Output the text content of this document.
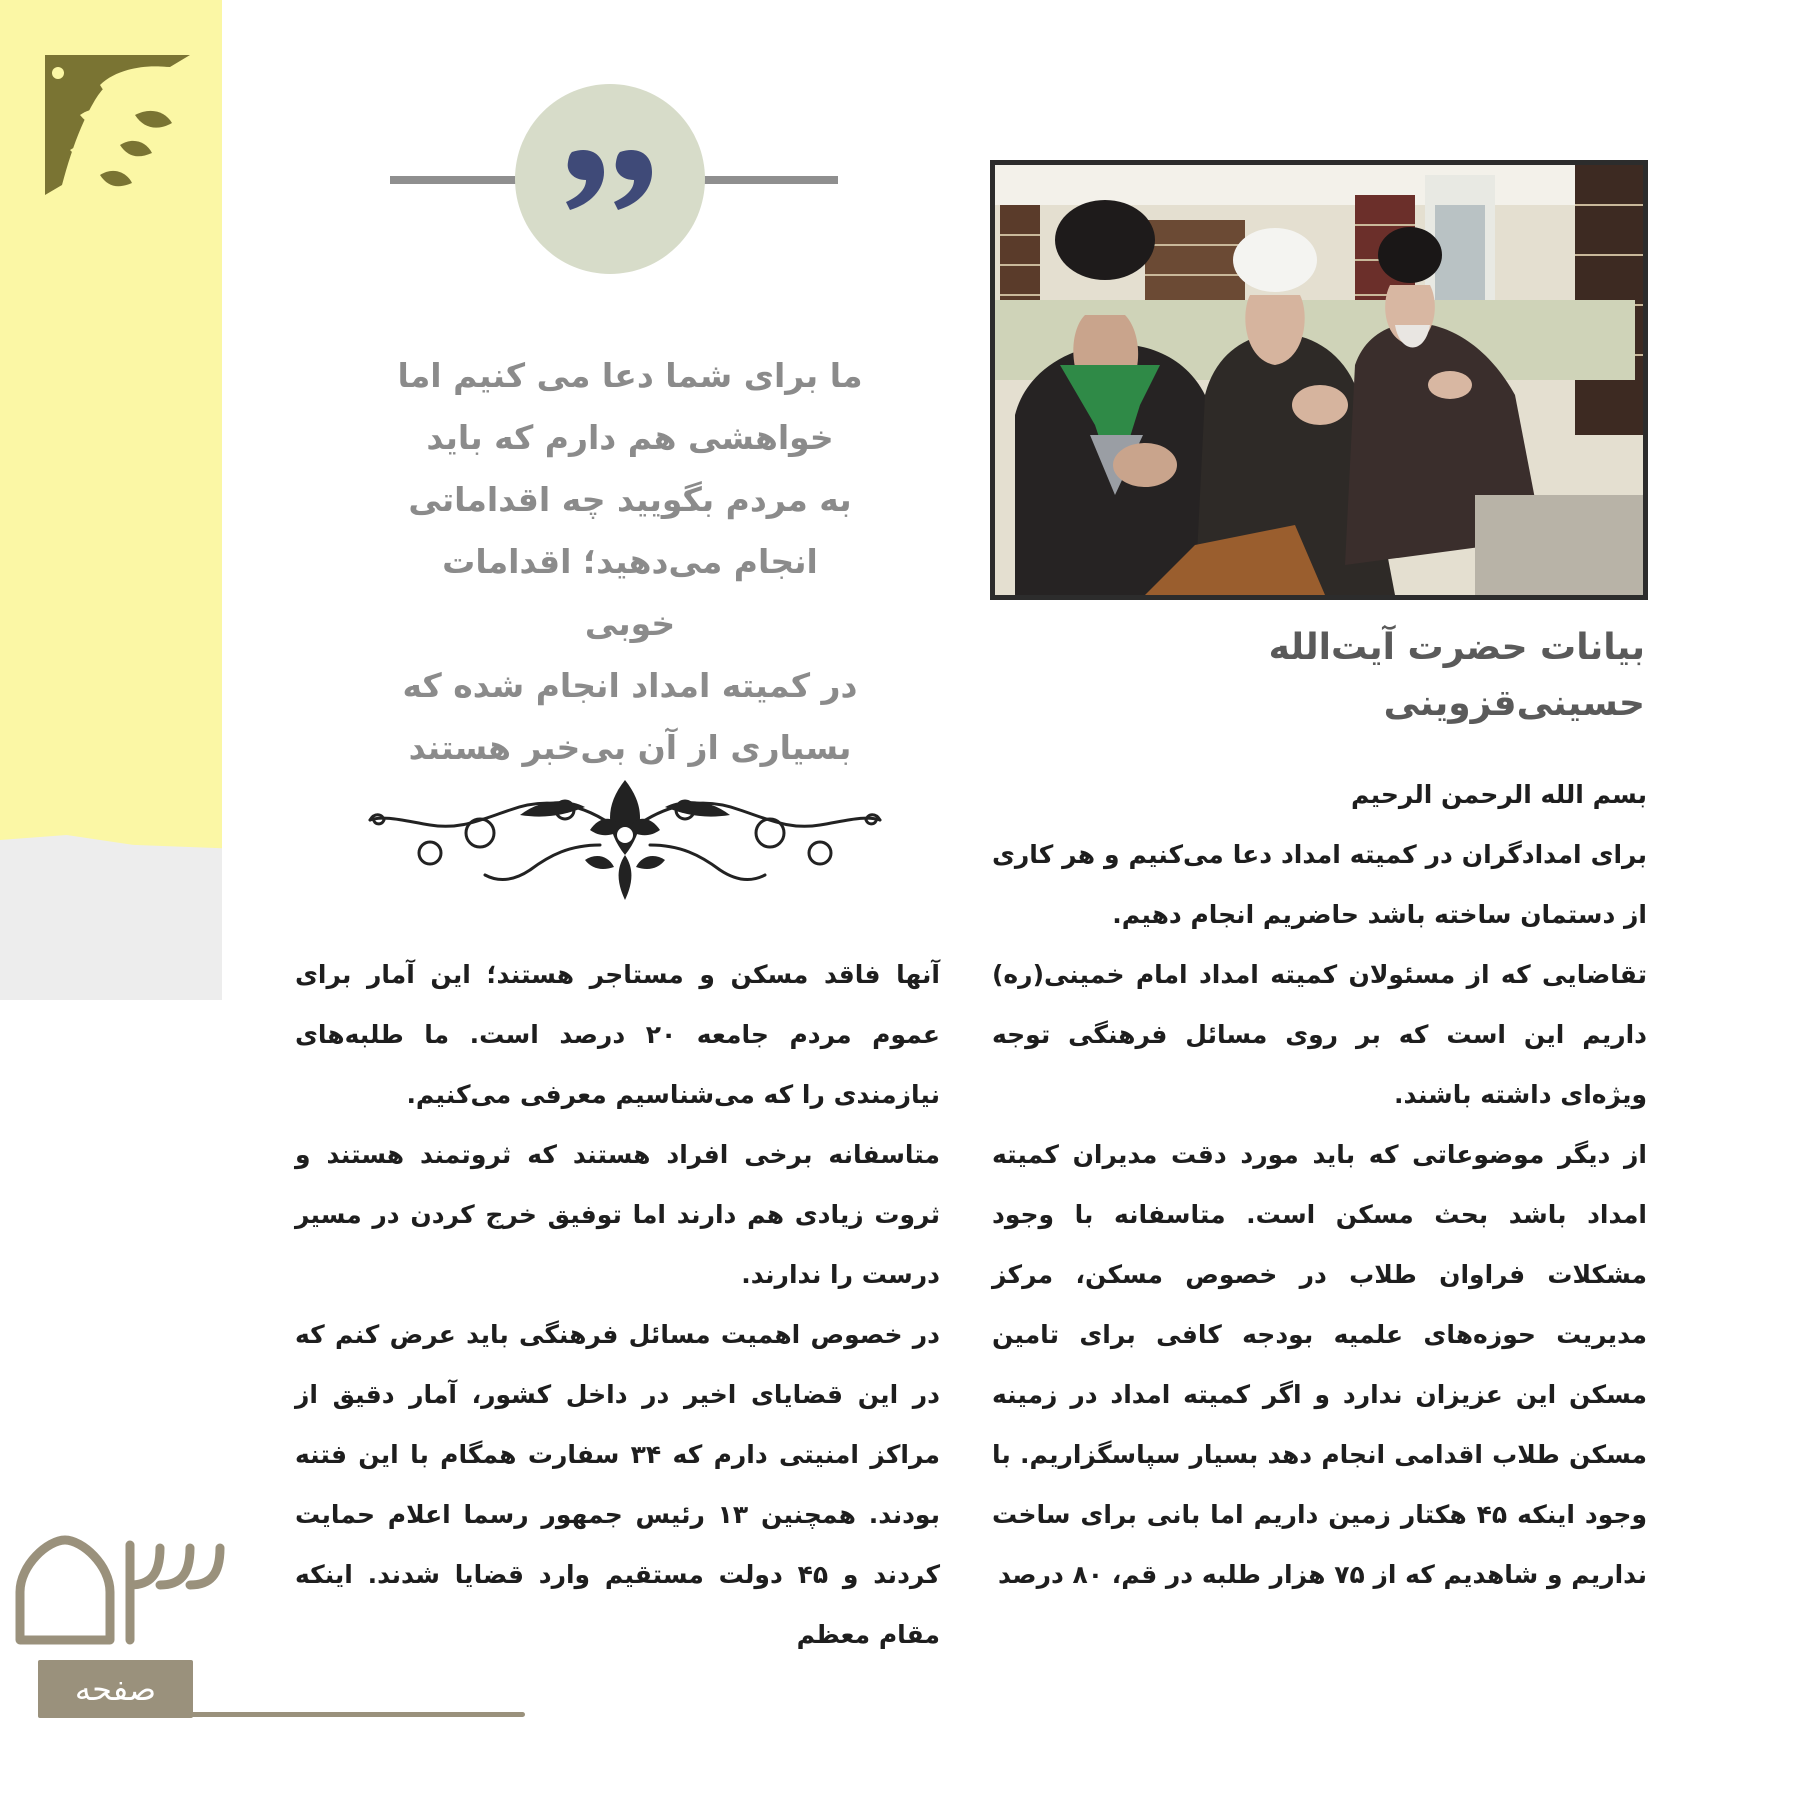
ما برای شما دعا می کنیم اما
خواهشی هم دارم که باید
به مردم بگویید چه اقداماتی
انجام می‌دهید؛ اقدامات خوبی
در کمیته امداد انجام شده که
بسیاری از آن بی‌خبر هستند
بیانات حضرت آیت‌الله
حسینی‌قزوینی

بسم الله الرحمن الرحیم

برای امدادگران در کمیته امداد دعا می‌کنیم و هر کاری از دستمان ساخته باشد حاضریم انجام دهیم.

تقاضایی که از مسئولان کمیته امداد امام خمینی(ره) داریم این است که بر روی مسائل فرهنگی توجه ویژه‌ای داشته باشند.

از دیگر موضوعاتی که باید مورد دقت مدیران کمیته امداد باشد بحث مسکن است. متاسفانه با وجود مشکلات فراوان طلاب در خصوص مسکن، مرکز مدیریت حوزه‌های علمیه بودجه کافی برای تامین مسکن این عزیزان ندارد و اگر کمیته امداد در زمینه مسکن طلاب اقدامی انجام دهد بسیار سپاسگزاریم. با وجود اینکه ۴۵ هکتار زمین داریم اما بانی برای ساخت نداریم و شاهدیم که از ۷۵ هزار طلبه در قم، ۸۰ درصد

آنها فاقد مسکن و مستاجر هستند؛ این آمار برای عموم مردم جامعه ۲۰ درصد است. ما طلبه‌های نیازمندی را که می‌شناسیم معرفی می‌کنیم.

متاسفانه برخی افراد هستند که ثروتمند هستند و ثروت زیادی هم دارند اما توفیق خرج کردن در مسیر درست را ندارند.

در خصوص اهمیت مسائل فرهنگی باید عرض کنم که در این قضایای اخیر در داخل کشور، آمار دقیق از مراکز امنیتی دارم که ۳۴ سفارت همگام با این فتنه بودند. همچنین ۱۳ رئیس جمهور رسما اعلام حمایت کردند و ۴۵ دولت مستقیم وارد قضایا شدند. اینکه مقام معظم

صفحه
